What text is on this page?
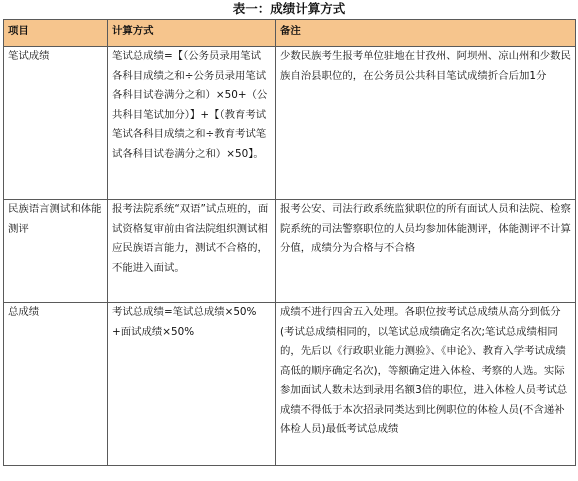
表一：成绩计算方式
项目	计算方式	备注
笔试成绩	笔试总成绩=【（公务员录用笔试各科目成绩之和÷公务员录用笔试各科目试卷满分之和）×50+（公共科目笔试加分）】+【（教育考试笔试各科目成绩之和÷教育考试笔试各科目试卷满分之和）×50】。	少数民族考生报考单位驻地在甘孜州、阿坝州、凉山州和少数民族自治县职位的，在公务员公共科目笔试成绩折合后加1分
民族语言测试和体能测评	报考法院系统“双语”试点班的，面试资格复审前由省法院组织测试相应民族语言能力，测试不合格的，不能进入面试。	报考公安、司法行政系统监狱职位的所有面试人员和法院、检察院系统的司法警察职位的人员均参加体能测评，体能测评不计算分值，成绩分为合格与不合格
总成绩	考试总成绩=笔试总成绩×50%+面试成绩×50%	成绩不进行四舍五入处理。各职位按考试总成绩从高分到低分(考试总成绩相同的，以笔试总成绩确定名次;笔试总成绩相同的，先后以《行政职业能力测验》、《申论》、教育入学考试成绩高低的顺序确定名次)，等额确定进入体检、考察的人选。实际参加面试人数未达到录用名额3倍的职位，进入体检人员考试总成绩不得低于本次招录同类达到比例职位的体检人员(不含递补体检人员)最低考试总成绩
